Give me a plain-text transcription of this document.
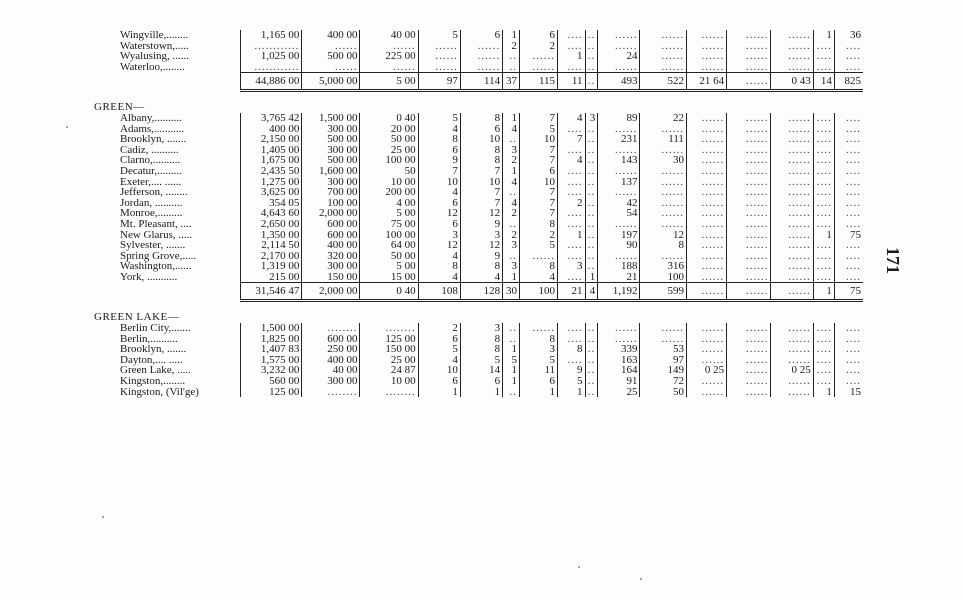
Wingville,........	1,165 00	400 00	40 00	5	6	1	6	....	..	......	......	......	......	......	1	36
Waterstown,.....	............	......	......	......	......	2	2	....	..	......	......	......	......	......	....	....
Wyalusing, ......	1,025 00	500 00	225 00	......	......	..	......	1	..	24	......	......	......	......	....	....
Waterloo,........	............	......	......	......	......	..	......	....	..	......	......	......	......	......	....	....
	44,886 00	5,000 00	5 00	97	114	37	115	11	..	493	522	21 64	......	0 43	14	825

GREEN—																
Albany,..........	3,765 42	1,500 00	0 40	5	8	1	7	4	3	89	22	......	......	......	....	....
Adams,...........	400 00	300 00	20 00	4	6	4	5	....	..	......	......	......	......	......	....	....
Brooklyn, .......	2,150 00	500 00	50 00	8	10	..	10	7	..	231	111	......	......	......	....	....
Cadiz, ..........	1,405 00	300 00	25 00	6	8	3	7	....	..	......	......	......	......	......	....	....
Clarno,..........	1,675 00	500 00	100 00	9	8	2	7	4	..	143	30	......	......	......	....	....
Decatur,.........	2,435 50	1,600 00	50	7	7	1	6	....	..	......	......	......	......	......	....	....
Exeter,.... ......	1,275 00	300 00	10 00	10	10	4	10	....	..	137	......	......	......	......	....	....
Jefferson, ........	3,625 00	700 00	200 00	4	7	..	7	....	..	......	......	......	......	......	....	....
Jordan, ..........	354 05	100 00	4 00	6	7	4	7	2	..	42	......	......	......	......	....	....
Monroe,.........	4,643 60	2,000 00	5 00	12	12	2	7	....	..	54	......	......	......	......	....	....
Mt. Pleasant, ....	2,650 00	600 00	75 00	6	9	..	8	....	..	......	......	......	......	......	....	....
New Glarus, .....	1,350 00	600 00	100 00	3	3	2	2	1	..	197	12	......	......	......	1	75
Sylvester, .......	2,114 50	400 00	64 00	12	12	3	5	....	..	90	8	......	......	......	....	....
Spring Grove,.....	2,170 00	320 00	50 00	4	9	..	......	....	..	......	......	......	......	......	....	....
Washington,......	1,319 00	300 00	5 00	8	8	3	8	3	..	188	316	......	......	......	....	....
York, ...........	215 00	150 00	15 00	4	4	1	4	....	1	21	100	......	......	......	....	....
	31,546 47	2,000 00	0 40	108	128	30	100	21	4	1,192	599	......	......	......	1	75

GREEN LAKE—																
Berlin City,.......	1,500 00	........	........	2	3	..	......	....	..	......	......	......	......	......	....	....
Berlin,..........	1,825 00	600 00	125 00	6	8	..	8	....	..	......	......	......	......	......	....	....
Brooklyn, .......	1,407 83	250 00	150 00	5	8	1	3	8	..	339	53	......	......	......	....	....
Dayton,.... .....	1,575 00	400 00	25 00	4	5	5	5	....	..	163	97	......	......	......	....	....
Green Lake, .....	3,232 00	40 00	24 87	10	14	1	11	9	..	164	149	0 25	......	0 25	....	....
Kingston,........	560 00	300 00	10 00	6	6	1	6	5	..	91	72	......	......	......	....	....
Kingston, (Vil'ge)	125 00	........	........	1	1	..	1	1	..	25	50	......	......	......	1	15
171
